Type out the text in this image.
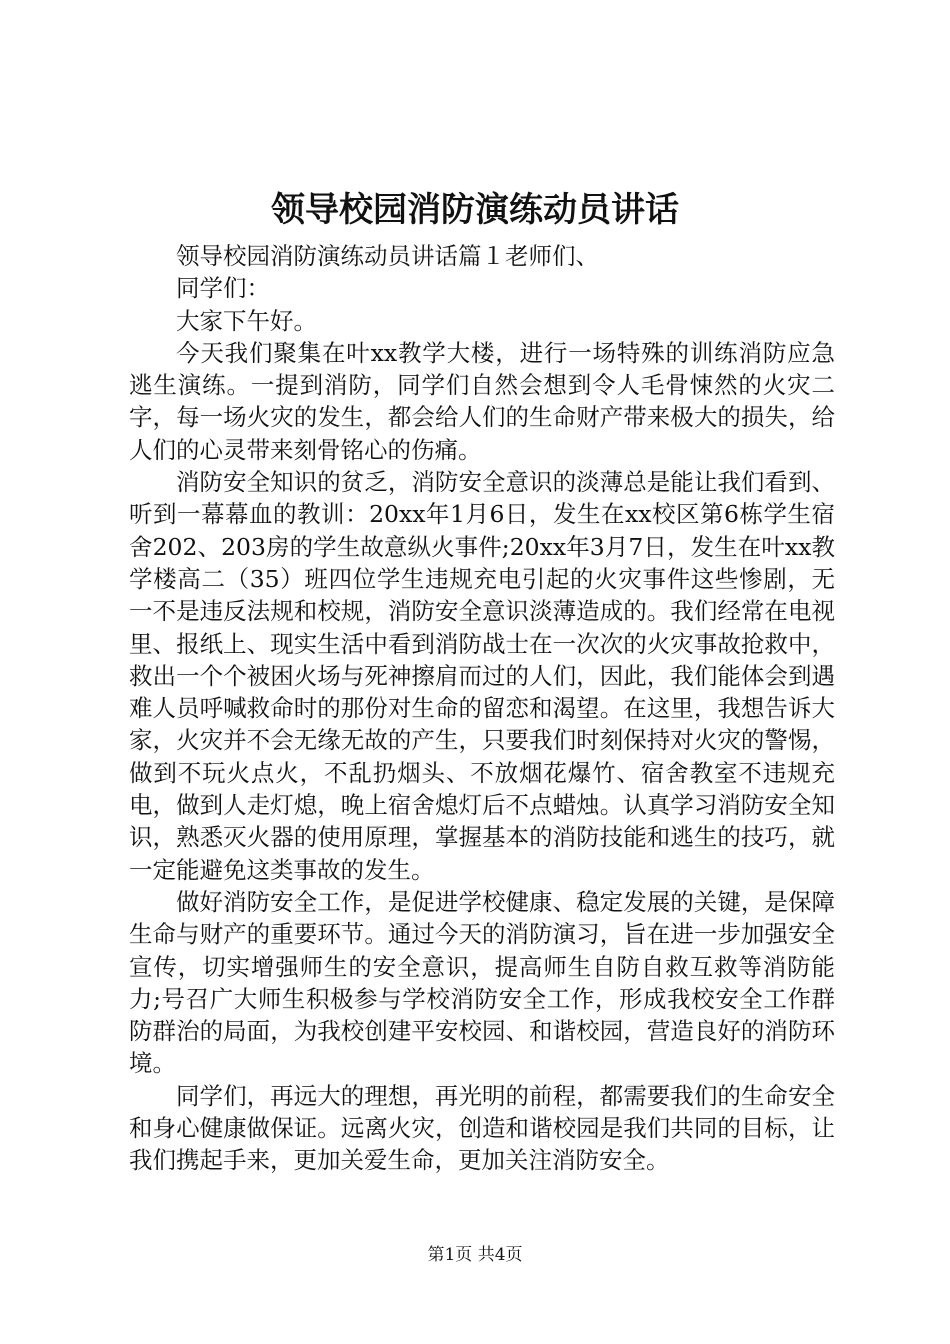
领导校园消防演练动员讲话

领导校园消防演练动员讲话篇１老师们、

同学们：

大家下午好。

今天我们聚集在叶xx教学大楼，进行一场特殊的训练消防应急逃生演练。一提到消防，同学们自然会想到令人毛骨悚然的火灾二字，每一场火灾的发生，都会给人们的生命财产带来极大的损失，给人们的心灵带来刻骨铭心的伤痛。

消防安全知识的贫乏，消防安全意识的淡薄总是能让我们看到、听到一幕幕血的教训：20xx年1月6日，发生在xx校区第6栋学生宿舍202、203房的学生故意纵火事件;20xx年3月7日，发生在叶xx教学楼高二（35）班四位学生违规充电引起的火灾事件这些惨剧，无一不是违反法规和校规，消防安全意识淡薄造成的。我们经常在电视里、报纸上、现实生活中看到消防战士在一次次的火灾事故抢救中，救出一个个被困火场与死神擦肩而过的人们，因此，我们能体会到遇难人员呼喊救命时的那份对生命的留恋和渴望。在这里，我想告诉大家，火灾并不会无缘无故的产生，只要我们时刻保持对火灾的警惕，做到不玩火点火，不乱扔烟头、不放烟花爆竹、宿舍教室不违规充电，做到人走灯熄，晚上宿舍熄灯后不点蜡烛。认真学习消防安全知识，熟悉灭火器的使用原理，掌握基本的消防技能和逃生的技巧，就一定能避免这类事故的发生。

做好消防安全工作，是促进学校健康、稳定发展的关键，是保障生命与财产的重要环节。通过今天的消防演习，旨在进一步加强安全宣传，切实增强师生的安全意识，提高师生自防自救互救等消防能力;号召广大师生积极参与学校消防安全工作，形成我校安全工作群防群治的局面，为我校创建平安校园、和谐校园，营造良好的消防环境。

同学们，再远大的理想，再光明的前程，都需要我们的生命安全和身心健康做保证。远离火灾，创造和谐校园是我们共同的目标，让我们携起手来，更加关爱生命，更加关注消防安全。

第1页 共4页
